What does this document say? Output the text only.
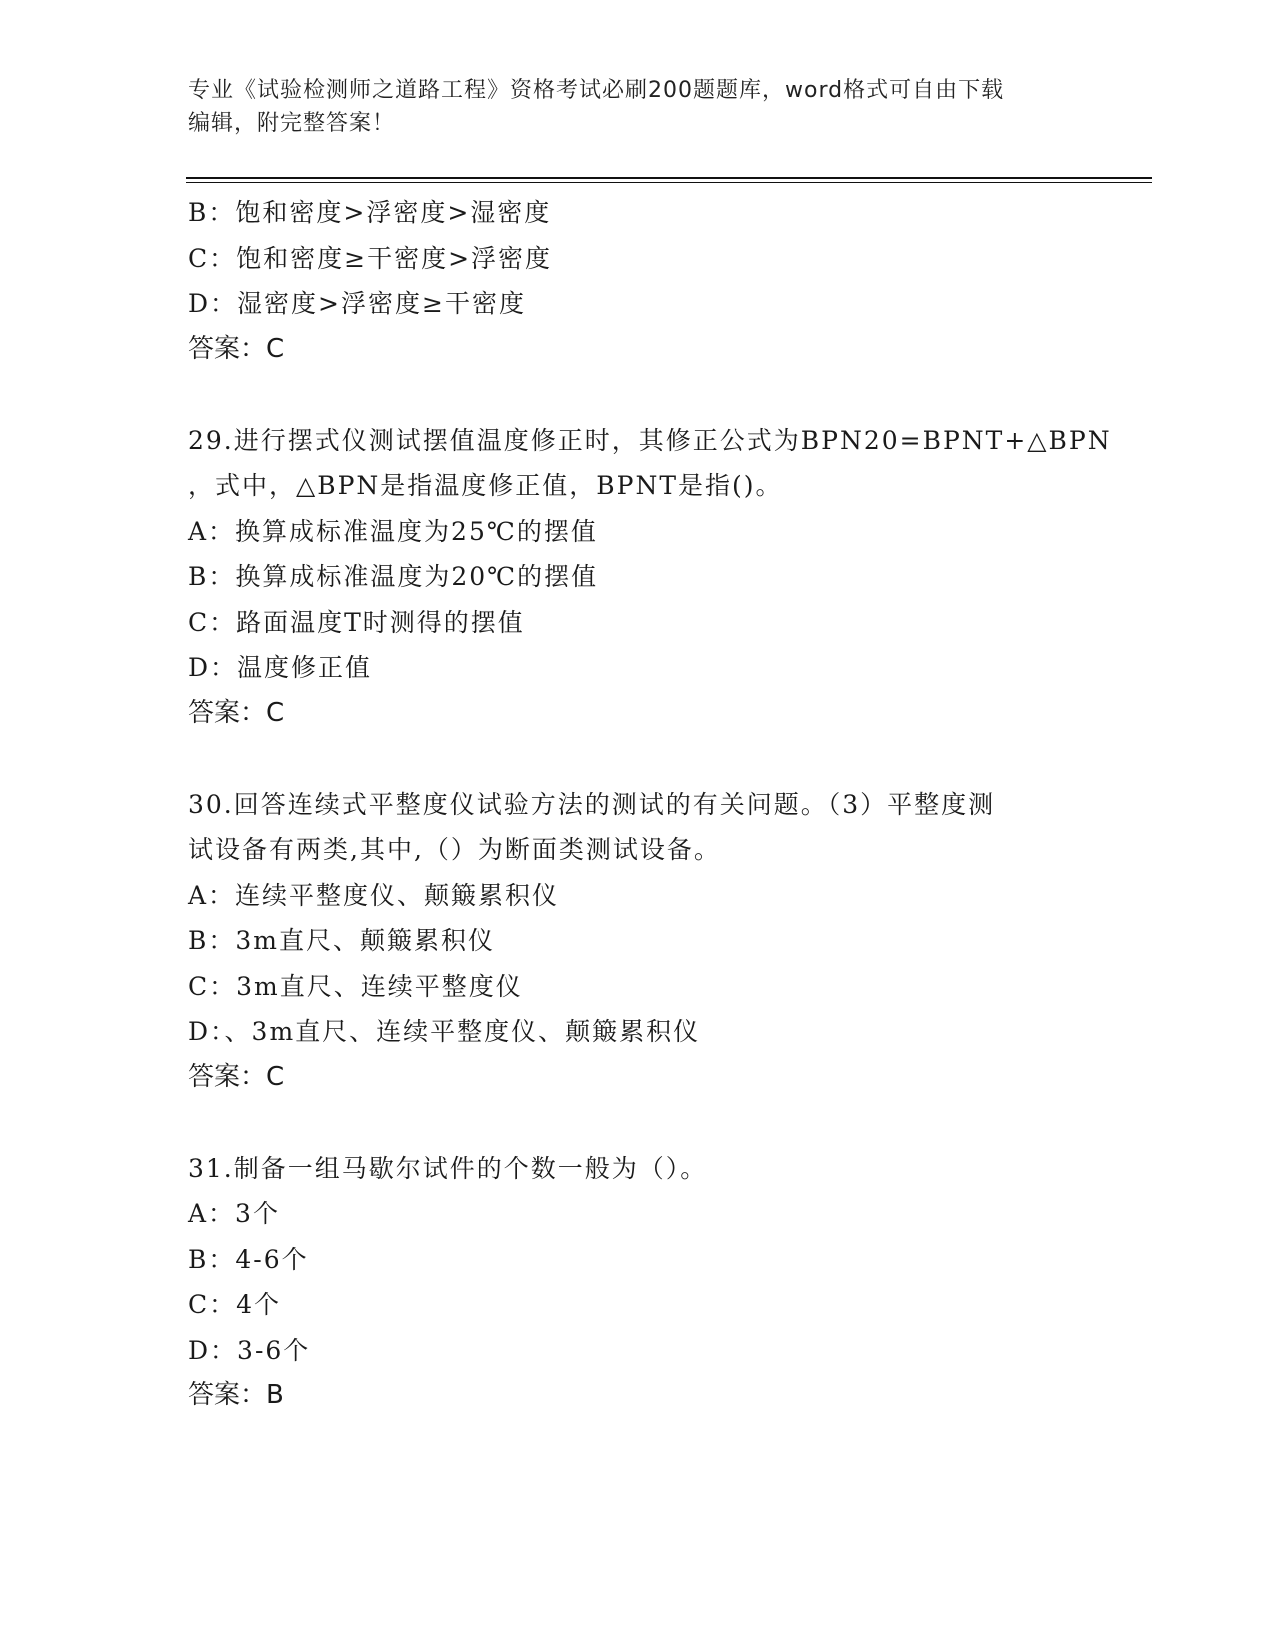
专业《试验检测师之道路工程》资格考试必刷200题题库，word格式可自由下载
编辑，附完整答案！
B：饱和密度>浮密度>湿密度
C：饱和密度≥干密度>浮密度
D：湿密度>浮密度≥干密度
答案：C
29.进行摆式仪测试摆值温度修正时，其修正公式为BPN20=BPNT+△BPN
，式中，△BPN是指温度修正值，BPNT是指()。
A：换算成标准温度为25℃的摆值
B：换算成标准温度为20℃的摆值
C：路面温度T时测得的摆值
D：温度修正值
答案：C
30.回答连续式平整度仪试验方法的测试的有关问题。（3）平整度测
试设备有两类,其中,（）为断面类测试设备。
A：连续平整度仪、颠簸累积仪
B：3m直尺、颠簸累积仪
C：3m直尺、连续平整度仪
D：、3m直尺、连续平整度仪、颠簸累积仪
答案：C
31.制备一组马歇尔试件的个数一般为（）。
A：3个
B：4-6个
C：4个
D：3-6个
答案：B
